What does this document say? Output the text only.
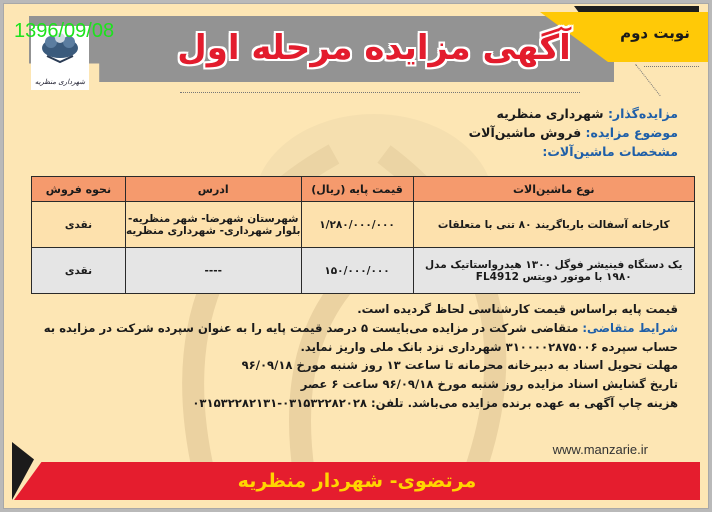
نوبت دوم
آگهی مزایده مرحله اول
شهرداری منظریه
1396/09/08
مزایده‌گذار: شهرداری منظریه
موضوع مزایده: فروش ماشین‌آلات
مشخصات ماشین‌آلات:
نوع ماشین‌الات	قیمت پایه (ریال)	ادرس	نحوه فروش
کارخانه آسفالت بارباگریند ۸۰ تنی با متعلقات	۱/۲۸۰/۰۰۰/۰۰۰	شهرستان شهرضا- شهر منظریه-بلوار شهرداری- شهرداری منظریه	نقدی
یک دستگاه فینیشر فوگل ۱۳۰۰ هیدرواستاتیک مدل ۱۹۸۰ با موتور دویتس FL4912	۱۵۰/۰۰۰/۰۰۰	----	نقدی
قیمت پایه براساس قیمت کارشناسی لحاظ گردیده است.
شرایط متقاضی: متقاضی شرکت در مزایده می‌بایست ۵ درصد قیمت پایه را به عنوان سپرده شرکت در مزایده به حساب سپرده ۳۱۰۰۰۰۲۸۷۵۰۰۶ شهرداری نزد بانک ملی واریز نماید.
مهلت تحویل اسناد به دبیرخانه محرمانه تا ساعت ۱۳ روز شنبه مورخ ۹۶/۰۹/۱۸
تاریخ گشایش اسناد مزایده روز شنبه مورخ ۹۶/۰۹/۱۸ ساعت ۶ عصر
هزینه چاپ آگهی به عهده برنده مزایده می‌باشد. تلفن: ۰۳۱۵۳۲۲۸۲۰۲۸-۰۳۱۵۳۲۲۸۲۱۳۱
www.manzarie.ir
مرتضوی- شهردار منظریه
